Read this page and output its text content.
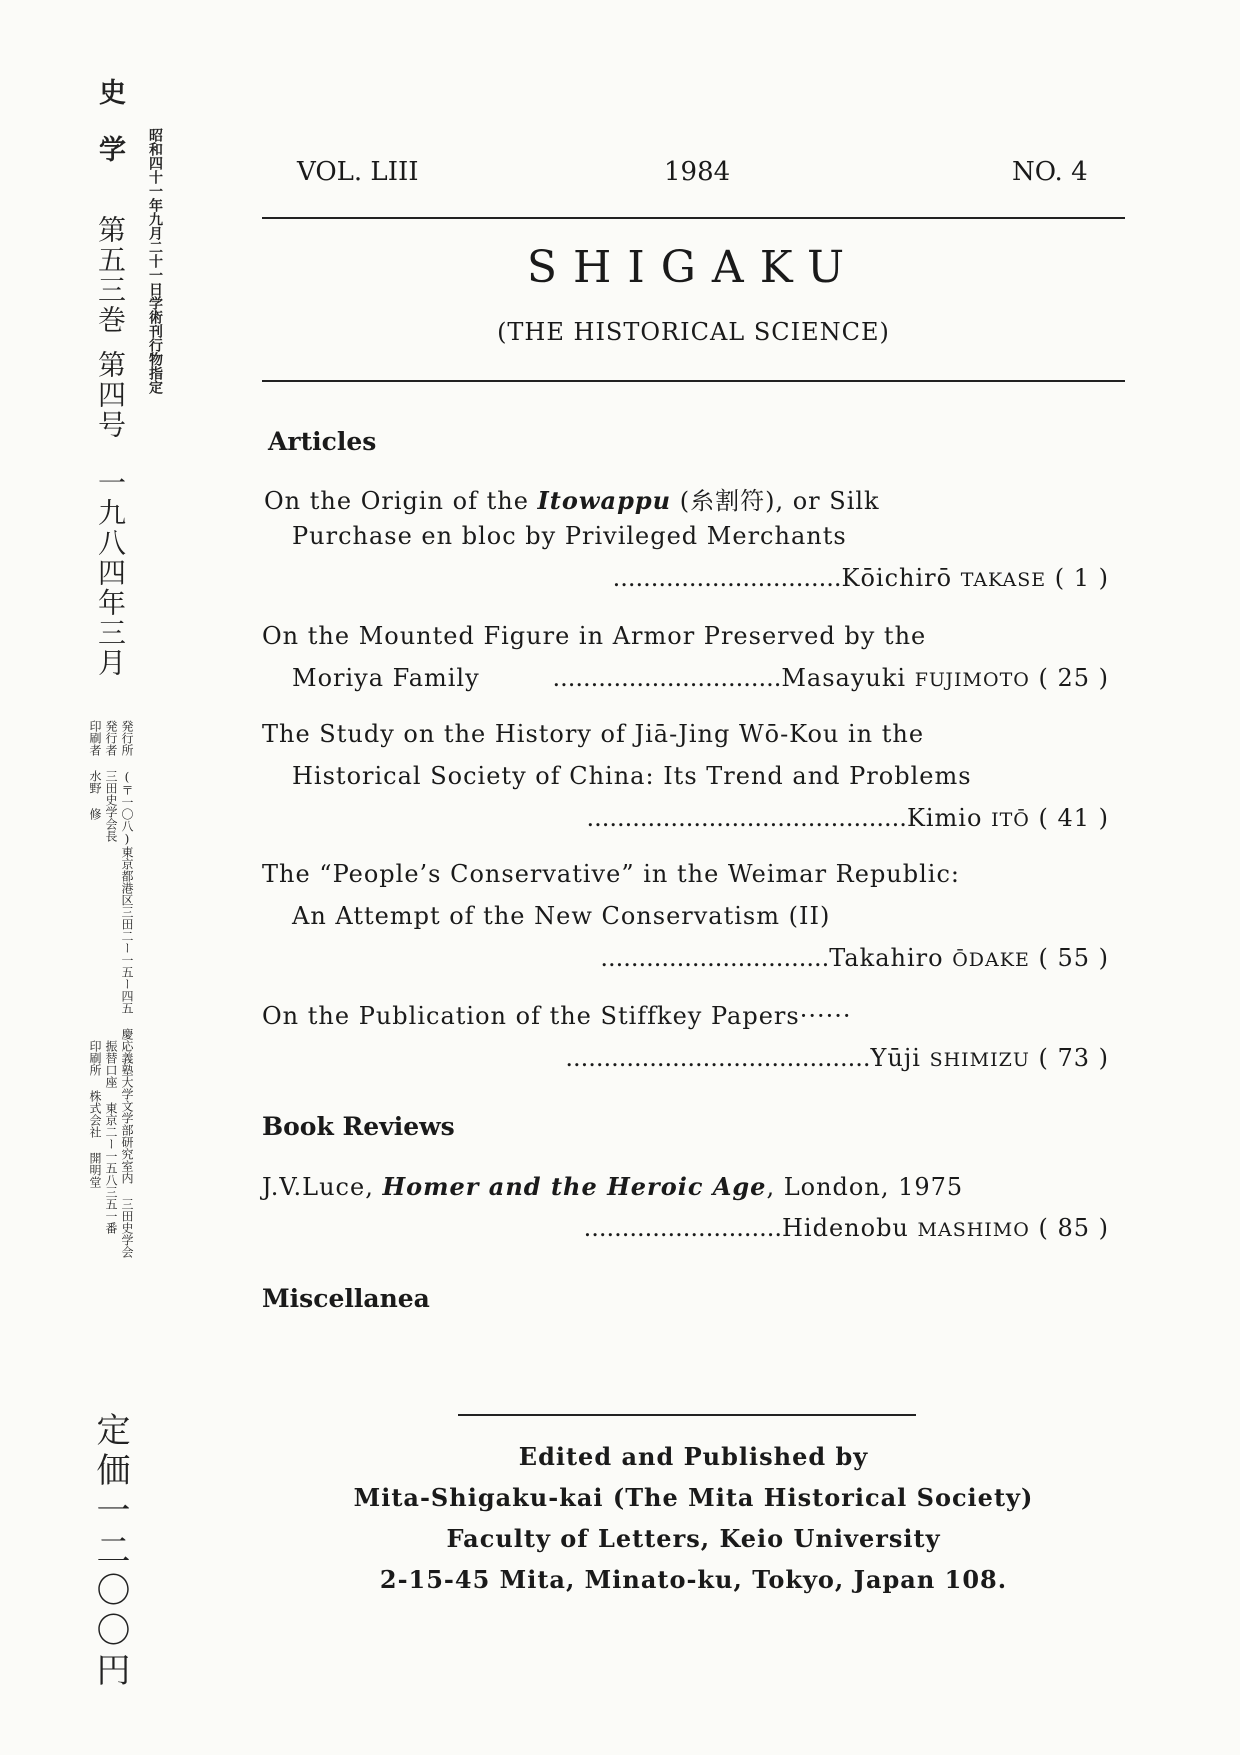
史学
第五三巻
第四号
一九八四年三月
昭和四十一年九月二十一日学術刊行物指定
発行所 (〒一〇八)東京都港区三田二ー一五ー四五 慶応義塾大学文学部研究室内 三田史学会
発行者 三田史学会長
印刷者 水野 修
振替口座 東京二ー一五八三五一番
印刷所 株式会社 開明堂
定価一二〇〇円
VOL. LIII	1984	NO. 4
SHIGAKU
(THE HISTORICAL SCIENCE)
Articles
On the Origin of the Itowappu (糸割符), or Silk
Purchase en bloc by Privileged Merchants
..............................Kōichirō TAKASE ( 1 )
On the Mounted Figure in Armor Preserved by the
Moriya Family	..............................Masayuki FUJIMOTO ( 25 )
The Study on the History of Jiā-Jing Wō-Kou in the
Historical Society of China: Its Trend and Problems
..........................................Kimio ITŌ ( 41 )
The “People’s Conservative” in the Weimar Republic:
An Attempt of the New Conservatism (II)
..............................Takahiro ŌDAKE ( 55 )
On the Publication of the Stiffkey Papers······
........................................Yūji SHIMIZU ( 73 )
Book Reviews
J.V.Luce, Homer and the Heroic Age, London, 1975
..........................Hidenobu MASHIMO ( 85 )
Miscellanea
Edited and Published by
Mita-Shigaku-kai (The Mita Historical Society)
Faculty of Letters, Keio University
2-15-45 Mita, Minato-ku, Tokyo, Japan 108.
